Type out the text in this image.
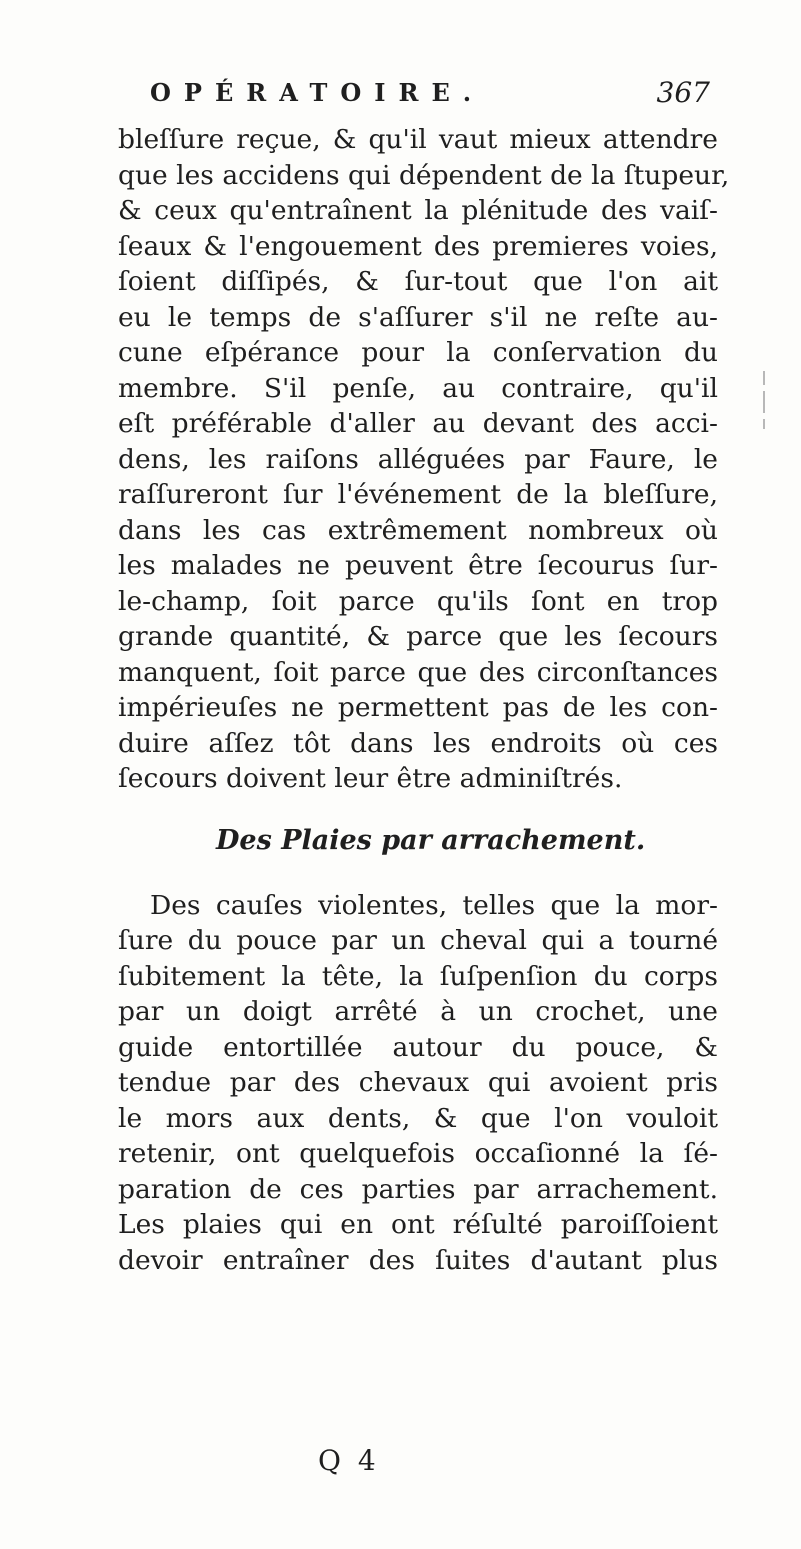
OPÉRATOIRE.	367
bleſſure reçue, & qu'il vaut mieux attendre
que les accidens qui dépendent de la ſtupeur,
& ceux qu'entraînent la plénitude des vaiſ-
ſeaux & l'engouement des premieres voies,
ſoient diſſipés, & ſur-tout que l'on ait
eu le temps de s'aſſurer s'il ne reſte au-
cune eſpérance pour la conſervation du
membre. S'il penſe, au contraire, qu'il
eſt préférable d'aller au devant des acci-
dens, les raiſons alléguées par Faure, le
raſſureront ſur l'événement de la bleſſure,
dans les cas extrêmement nombreux où
les malades ne peuvent être ſecourus ſur-
le-champ, ſoit parce qu'ils ſont en trop
grande quantité, & parce que les ſecours
manquent, ſoit parce que des circonſtances
impérieuſes ne permettent pas de les con-
duire aſſez tôt dans les endroits où ces
ſecours doivent leur être adminiſtrés.
Des Plaies par arrachement.
Des cauſes violentes, telles que la mor-
ſure du pouce par un cheval qui a tourné
ſubitement la tête, la ſuſpenſion du corps
par un doigt arrêté à un crochet, une
guide entortillée autour du pouce, &
tendue par des chevaux qui avoient pris
le mors aux dents, & que l'on vouloit
retenir, ont quelquefois occaſionné la ſé-
paration de ces parties par arrachement.
Les plaies qui en ont réſulté paroiſſoient
devoir entraîner des ſuites d'autant plus
Q 4
